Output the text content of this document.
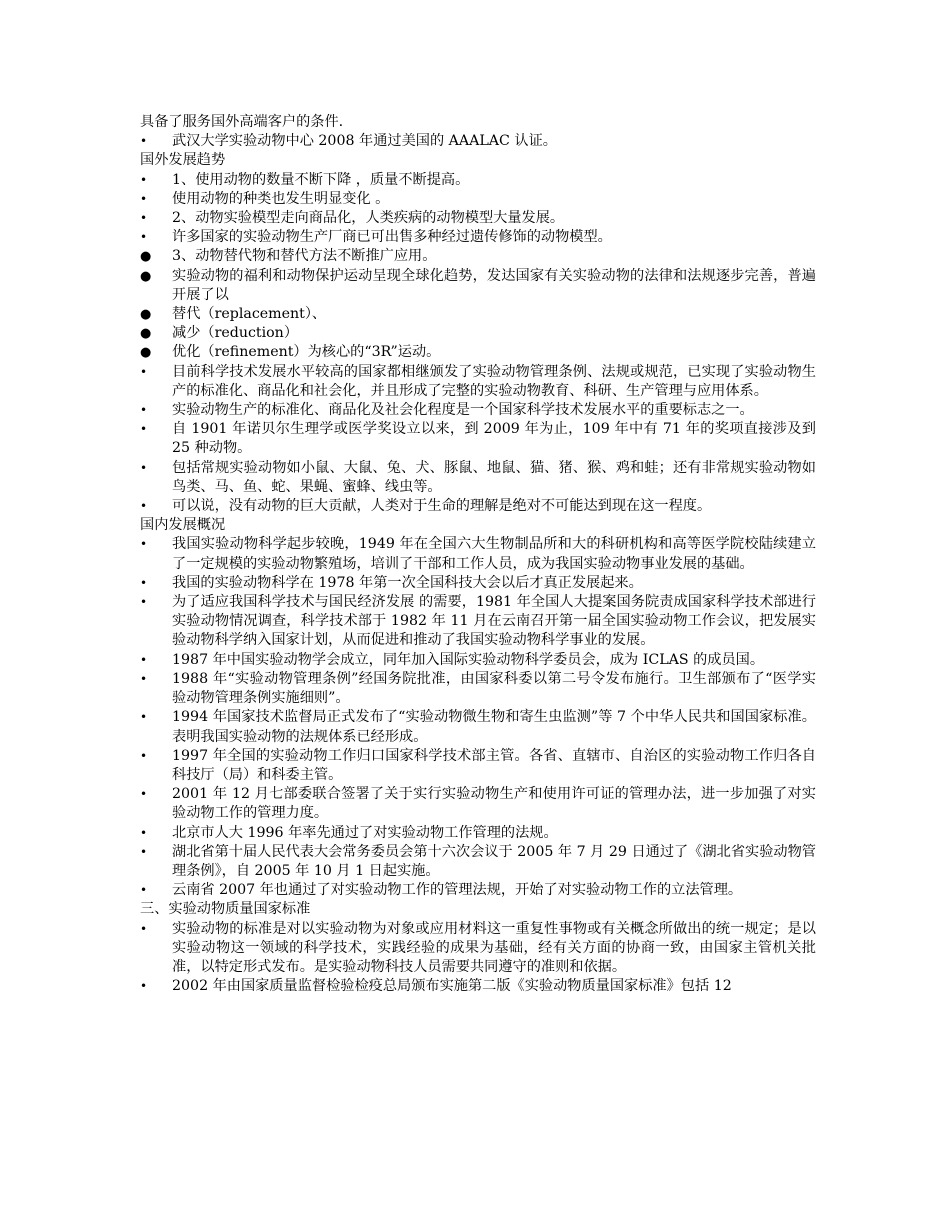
具备了服务国外高端客户的条件.
•	武汉大学实验动物中心 2008 年通过美国的 AAALAC 认证。
国外发展趋势
•	1、使用动物的数量不断下降 ，质量不断提高。
•	使用动物的种类也发生明显变化 。
•	2、动物实验模型走向商品化，人类疾病的动物模型大量发展。
•	许多国家的实验动物生产厂商已可出售多种经过遗传修饰的动物模型。
●	3、动物替代物和替代方法不断推广应用。
●	实验动物的福利和动物保护运动呈现全球化趋势，发达国家有关实验动物的法律和法规逐步完善，普遍开展了以
●	替代（replacement）、
●	减少（reduction）
●	优化（refinement）为核心的“3R”运动。
•	目前科学技术发展水平较高的国家都相继颁发了实验动物管理条例、法规或规范，已实现了实验动物生产的标准化、商品化和社会化，并且形成了完整的实验动物教育、科研、生产管理与应用体系。
•	实验动物生产的标准化、商品化及社会化程度是一个国家科学技术发展水平的重要标志之一。
•	自 1901 年诺贝尔生理学或医学奖设立以来，到 2009 年为止，109 年中有 71 年的奖项直接涉及到 25 种动物。
•	包括常规实验动物如小鼠、大鼠、兔、犬、豚鼠、地鼠、猫、猪、猴、鸡和蛙；还有非常规实验动物如鸟类、马、鱼、蛇、果蝇、蜜蜂、线虫等。
•	可以说，没有动物的巨大贡献，人类对于生命的理解是绝对不可能达到现在这一程度。
国内发展概况
•	我国实验动物科学起步较晚，1949 年在全国六大生物制品所和大的科研机构和高等医学院校陆续建立了一定规模的实验动物繁殖场，培训了干部和工作人员，成为我国实验动物事业发展的基础。
•	我国的实验动物科学在 1978 年第一次全国科技大会以后才真正发展起来。
•	为了适应我国科学技术与国民经济发展 的需要，1981 年全国人大提案国务院责成国家科学技术部进行实验动物情况调查，科学技术部于 1982 年 11 月在云南召开第一届全国实验动物工作会议，把发展实验动物科学纳入国家计划，从而促进和推动了我国实验动物科学事业的发展。
•	1987 年中国实验动物学会成立，同年加入国际实验动物科学委员会，成为 ICLAS 的成员国。
•	1988 年“实验动物管理条例”经国务院批准，由国家科委以第二号令发布施行。卫生部颁布了“医学实验动物管理条例实施细则”。
•	1994 年国家技术监督局正式发布了“实验动物微生物和寄生虫监测”等 7 个中华人民共和国国家标准。表明我国实验动物的法规体系已经形成。
•	1997 年全国的实验动物工作归口国家科学技术部主管。各省、直辖市、自治区的实验动物工作归各自科技厅（局）和科委主管。
•	2001 年 12 月七部委联合签署了关于实行实验动物生产和使用许可证的管理办法，进一步加强了对实验动物工作的管理力度。
•	北京市人大 1996 年率先通过了对实验动物工作管理的法规。
•	湖北省第十届人民代表大会常务委员会第十六次会议于 2005 年 7 月 29 日通过了《湖北省实验动物管理条例》，自 2005 年 10 月 1 日起实施。
•	云南省 2007 年也通过了对实验动物工作的管理法规，开始了对实验动物工作的立法管理。
三、实验动物质量国家标准
•	实验动物的标准是对以实验动物为对象或应用材料这一重复性事物或有关概念所做出的统一规定；是以实验动物这一领域的科学技术，实践经验的成果为基础，经有关方面的协商一致，由国家主管机关批准，以特定形式发布。是实验动物科技人员需要共同遵守的准则和依据。
•	2002 年由国家质量监督检验检疫总局颁布实施第二版《实验动物质量国家标准》包括 12
